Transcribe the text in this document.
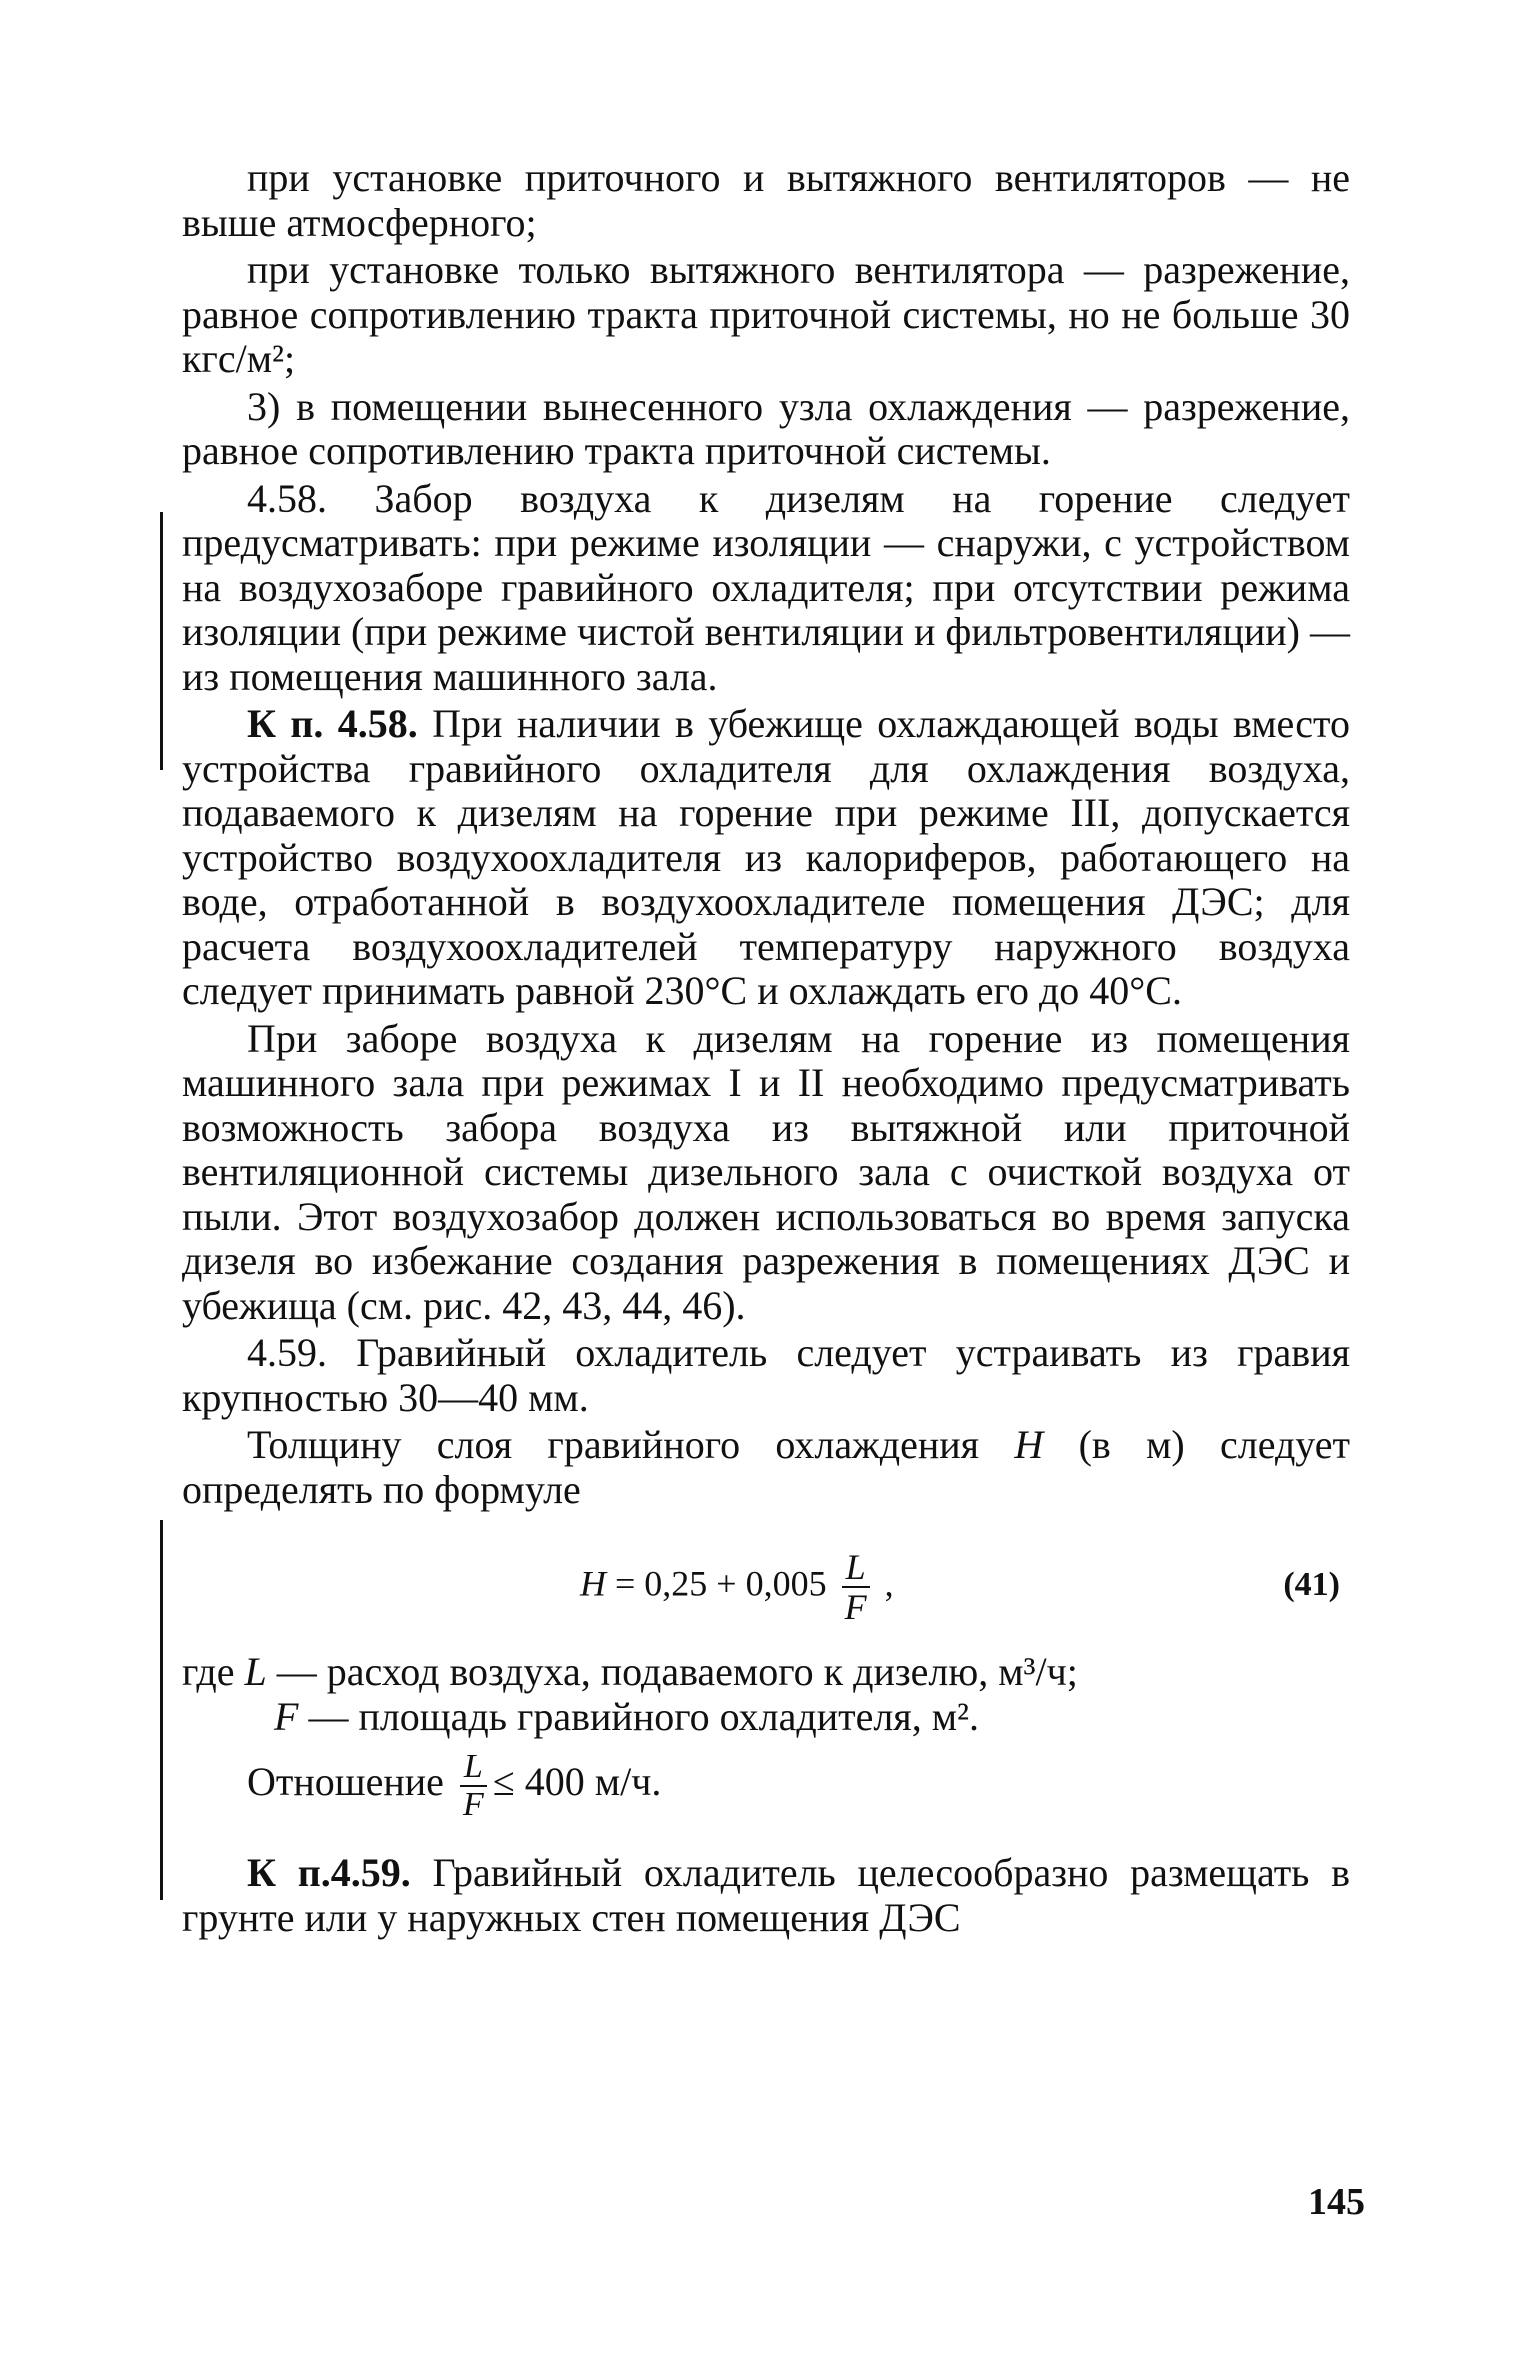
при установке приточного и вытяжного вентиляторов — не выше атмосферного;

при установке только вытяжного вентилятора — разрежение, равное сопротивлению тракта приточной системы, но не больше 30 кгс/м²;

3) в помещении вынесенного узла охлаждения — разрежение, равное сопротивлению тракта приточной системы.

4.58. Забор воздуха к дизелям на горение следует предусматривать: при режиме изоляции — снаружи, с устройством на воздухозаборе гравийного охладителя; при отсутствии режима изоляции (при режиме чистой вентиляции и фильтровентиляции) — из помещения машинного зала.

К п. 4.58. При наличии в убежище охлаждающей воды вместо устройства гравийного охладителя для охлаждения воздуха, подаваемого к дизелям на горение при режиме III, допускается устройство воздухоохладителя из калориферов, работающего на воде, отработанной в воздухоохладителе помещения ДЭС; для расчета воздухоохладителей температуру наружного воздуха следует принимать равной 230°С и охлаждать его до 40°С.

При заборе воздуха к дизелям на горение из помещения машинного зала при режимах I и II необходимо предусматривать возможность забора воздуха из вытяжной или приточной вентиляционной системы дизельного зала с очисткой воздуха от пыли. Этот воздухозабор должен использоваться во время запуска дизеля во избежание создания разрежения в помещениях ДЭС и убежища (см. рис. 42, 43, 44, 46).

4.59. Гравийный охладитель следует устраивать из гравия крупностью 30—40 мм.

Толщину слоя гравийного охлаждения H (в м) следует определять по формуле

$H = 0,25 + 0,005 \frac{L}{F}$ ,	(41)
где L — расход воздуха, подаваемого к дизелю, м³/ч;
F — площадь гравийного охладителя, м².
Отношение $\frac{L}{F} \le 400$ м/ч.

К п.4.59. Гравийный охладитель целесообразно размещать в грунте или у наружных стен помещения ДЭС

145
